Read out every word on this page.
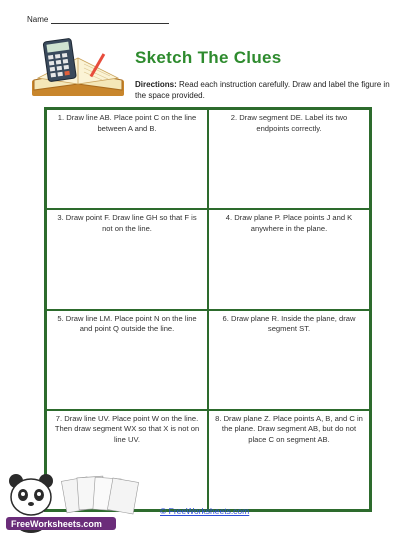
Name
Sketch The Clues
Directions: Read each instruction carefully. Draw and label the figure in the space provided.
1. Draw line AB. Place point C on the line between A and B.
2. Draw segment DE. Label its two endpoints correctly.
3. Draw point F. Draw line GH so that F is not on the line.
4. Draw plane P. Place points J and K anywhere in the plane.
5. Draw line LM. Place point N on the line and point Q outside the line.
6. Draw plane R. Inside the plane, draw segment ST.
7. Draw line UV. Place point W on the line. Then draw segment WX so that X is not on line UV.
8. Draw plane Z. Place points A, B, and C in the plane. Draw segment AB, but do not place C on segment AB.
FreeWorksheets.com
© FreeWorksheets.com
